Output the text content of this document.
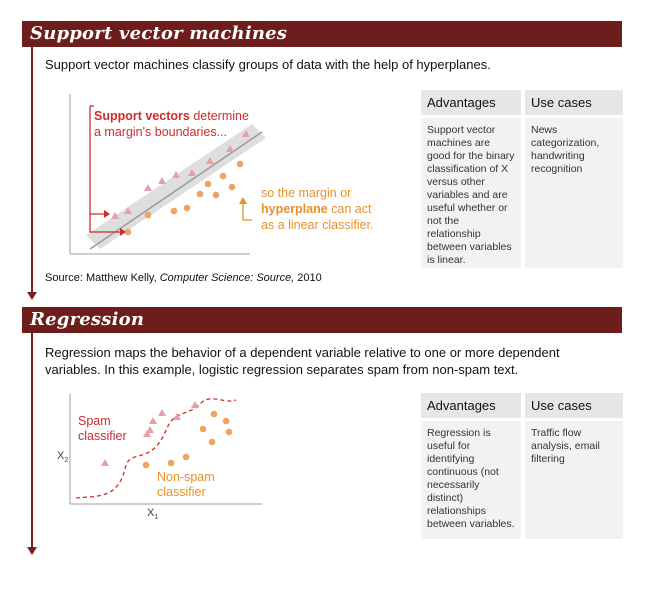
Support vector machines
Support vector machines classify groups of data with the help of hyperplanes.
Support vectors determine
a margin's boundaries...
so the margin or
hyperplane can act
as a linear classifier.
Source: Matthew Kelly, Computer Science: Source, 2010
Advantages	Use cases
Support vector machines are good for the binary classification of X versus other variables and are useful whether or not the relationship between variables is linear.
News categorization, handwriting recognition
Regression
Regression maps the behavior of a dependent variable relative to one or more dependent
variables. In this example, logistic regression separates spam from non-spam text.
Spam
classifier
Non-spam
classifier
$X_2$
$X_1$
Advantages	Use cases
Regression is useful for identifying continuous (not necessarily distinct) relationships between variables.
Traffic flow analysis, email filtering
